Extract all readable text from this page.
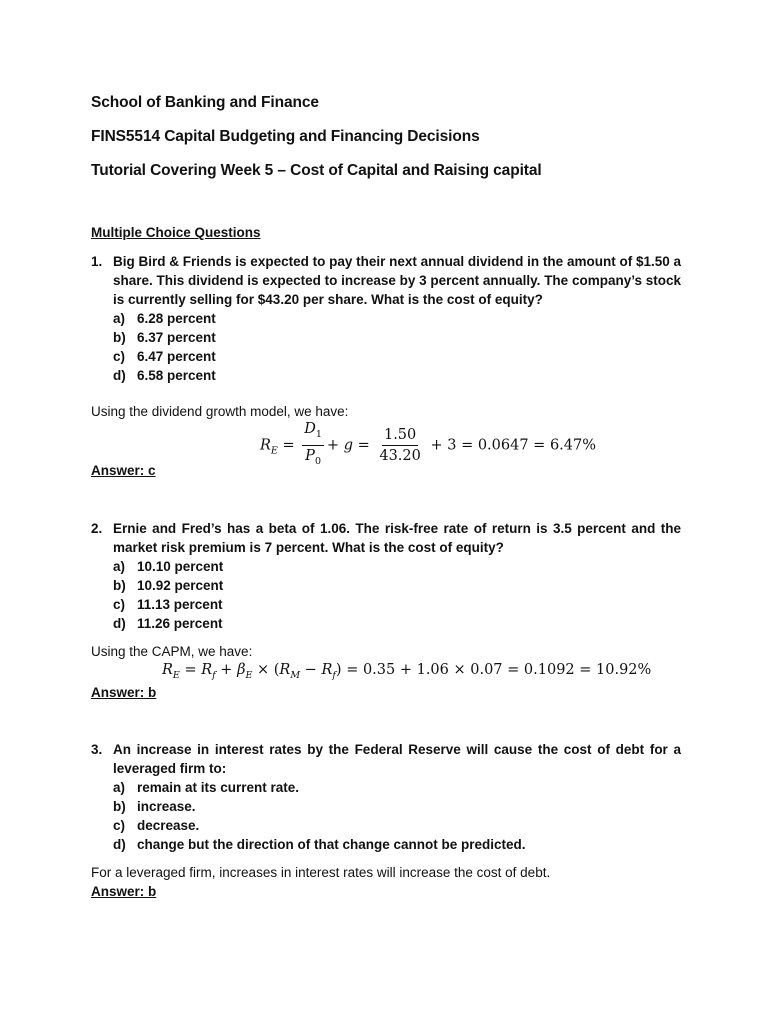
School of Banking and Finance
FINS5514 Capital Budgeting and Financing Decisions
Tutorial Covering Week 5 – Cost of Capital and Raising capital
Multiple Choice Questions
1. Big Bird & Friends is expected to pay their next annual dividend in the amount of $1.50 a share. This dividend is expected to increase by 3 percent annually. The company’s stock is currently selling for $43.20 per share. What is the cost of equity?
a) 6.28 percent
b) 6.37 percent
c) 6.47 percent
d) 6.58 percent
Using the dividend growth model, we have:
$R_E = \frac{D_1}{P_0} + g = \frac{1.50}{43.20} + 3 = 0.0647 = 6.47\%$
Answer: c
2. Ernie and Fred’s has a beta of 1.06. The risk-free rate of return is 3.5 percent and the market risk premium is 7 percent. What is the cost of equity?
a) 10.10 percent
b) 10.92 percent
c) 11.13 percent
d) 11.26 percent
Using the CAPM, we have:
$R_E = R_f + \beta_E \times (R_M - R_f) = 0.35 + 1.06 \times 0.07 = 0.1092 = 10.92\%$
Answer: b
3. An increase in interest rates by the Federal Reserve will cause the cost of debt for a leveraged firm to:
a) remain at its current rate.
b) increase.
c) decrease.
d) change but the direction of that change cannot be predicted.
For a leveraged firm, increases in interest rates will increase the cost of debt.
Answer: b
